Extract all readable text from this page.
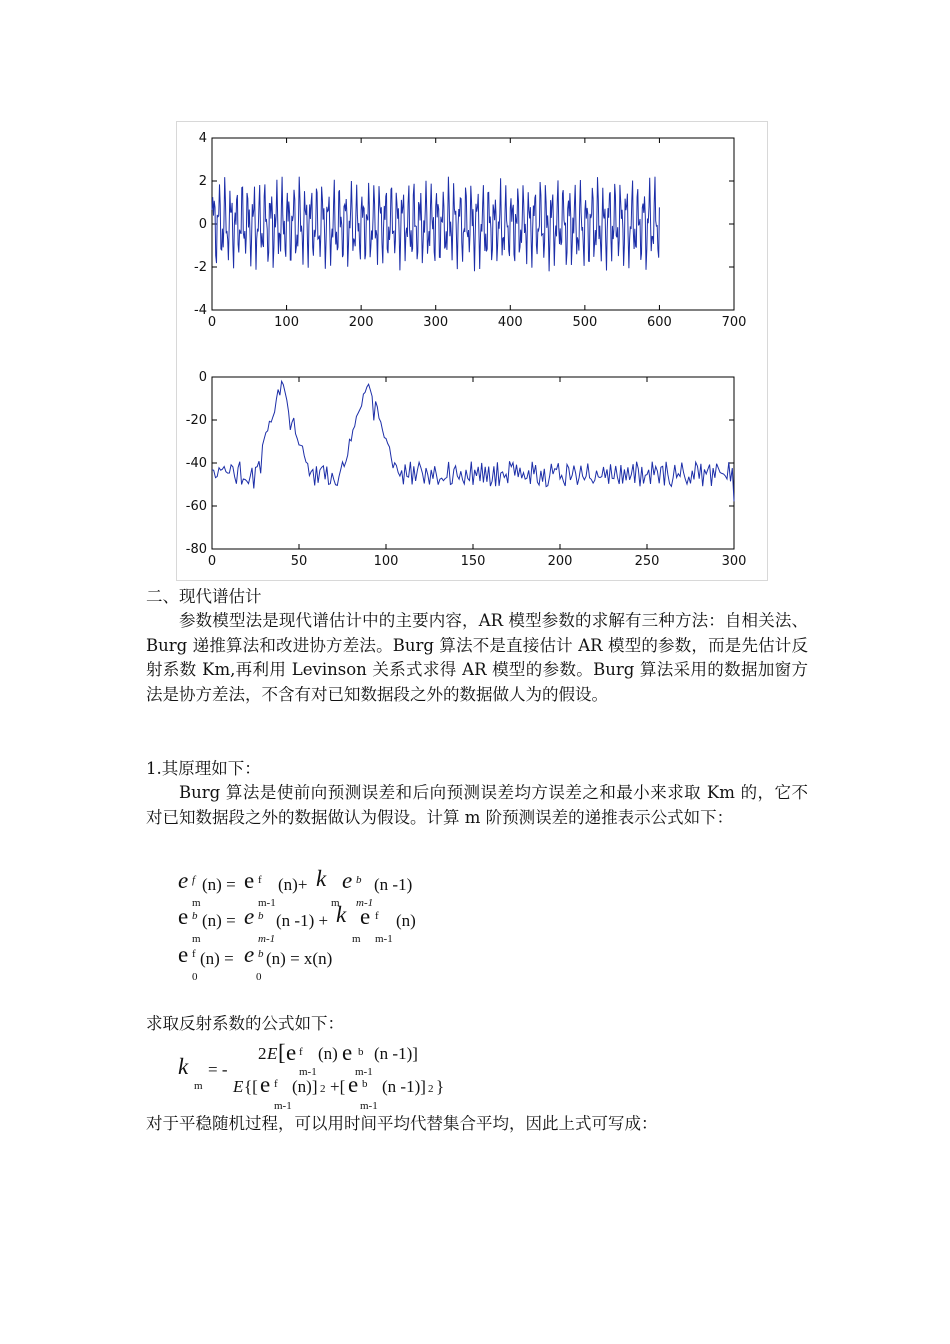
0	100	200	300	400	500	600	700
4
2
0
-2
-4
0	50	100	150	200	250	300
0
-20
-40
-60
-80
二、现代谱估计

参数模型法是现代谱估计中的主要内容，AR 模型参数的求解有三种方法：自相关法、Burg 递推算法和改进协方差法。Burg 算法不是直接估计 AR 模型的参数，而是先估计反射系数 Km,再利用 Levinson 关系式求得 AR 模型的参数。Burg 算法采用的数据加窗方法是协方差法，不含有对已知数据段之外的数据做人为的假设。

1.其原理如下：

Burg 算法是使前向预测误差和后向预测误差均方误差之和最小来求取 Km 的，它不对已知数据段之外的数据做认为假设。计算 m 阶预测误差的递推表示公式如下：

e f (n) = e f (n)+ k e b (n -1)
m	m-1	m m-1
e b (n) = e b (n -1) + k e f (n)
m	m-1	m m-1
e f (n) = e b (n) = x(n)
0	0
求取反射系数的公式如下：
k
m
= -
2 E [ e f (n) e b (n -1)]
m-1	m-1
E {[ e f (n)] 2 +[ e b (n -1)] 2 }
m-1	m-1
对于平稳随机过程，可以用时间平均代替集合平均，因此上式可写成：
